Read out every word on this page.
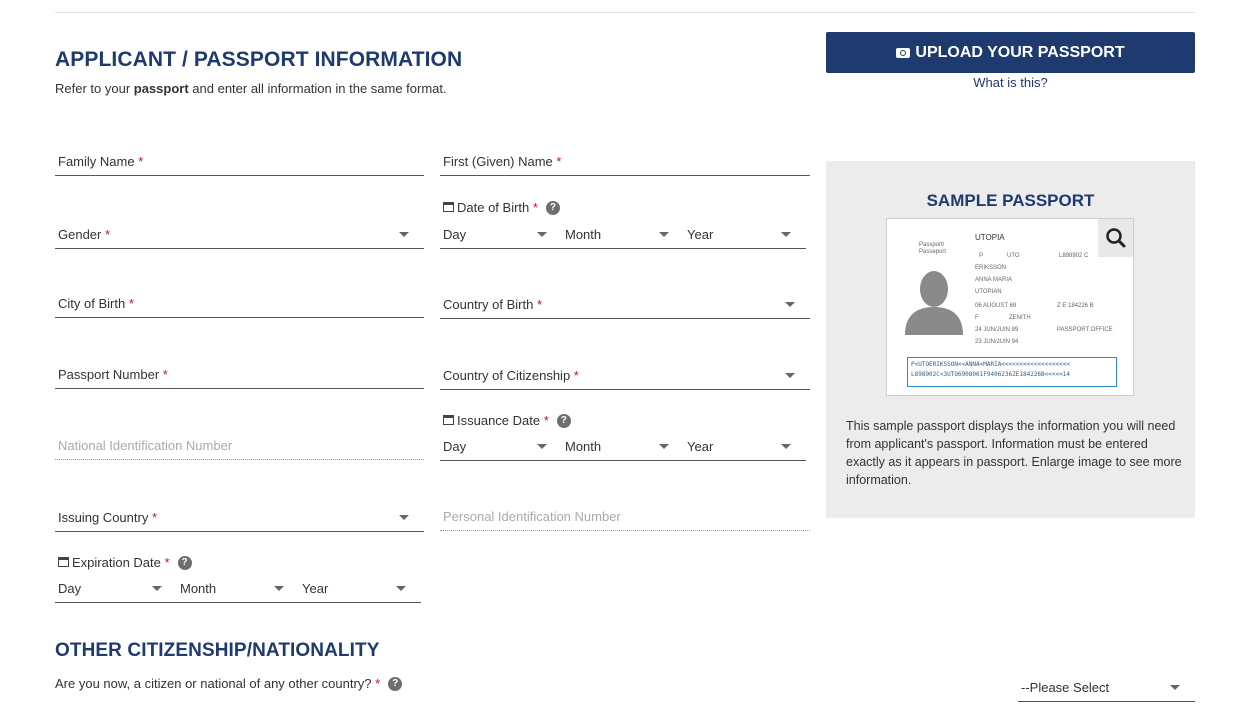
APPLICANT / PASSPORT INFORMATION
Refer to your passport and enter all information in the same format.
Family Name *	First (Given) Name *
Gender *
Date of Birth
*	?
Day	Month	Year
City of Birth *	Country of Birth *
Passport Number *	Country of Citizenship *
National Identification Number
Issuance Date
*	?
Day	Month	Year
Issuing Country *	Personal Identification Number
Expiration Date
*	?
Day	Month	Year
OTHER CITIZENSHIP/NATIONALITY
Are you now, a citizen or national of any other country?
*	?	--Please Select
UPLOAD YOUR PASSPORT
What is this?
SAMPLE PASSPORT
UTOPIA
Passport/ Passeport
P	UTO	L898902 C
ERIKSSON
ANNA MARIA
UTOPIAN
06 AUGUST 69	Z E 184226 B
F	ZENITH
24 JUN/JUIN 89	PASSPORT OFFICE
23 JUN/JUIN 94
P<UTOERIKSSON<<ANNA<MARIA<<<<<<<<<<<<<<<<<<<
L898902C<3UTO6908061F9406236ZE184226B<<<<<14
This sample passport displays the information you will need from applicant's passport. Information must be entered exactly as it appears in passport. Enlarge image to see more information.
